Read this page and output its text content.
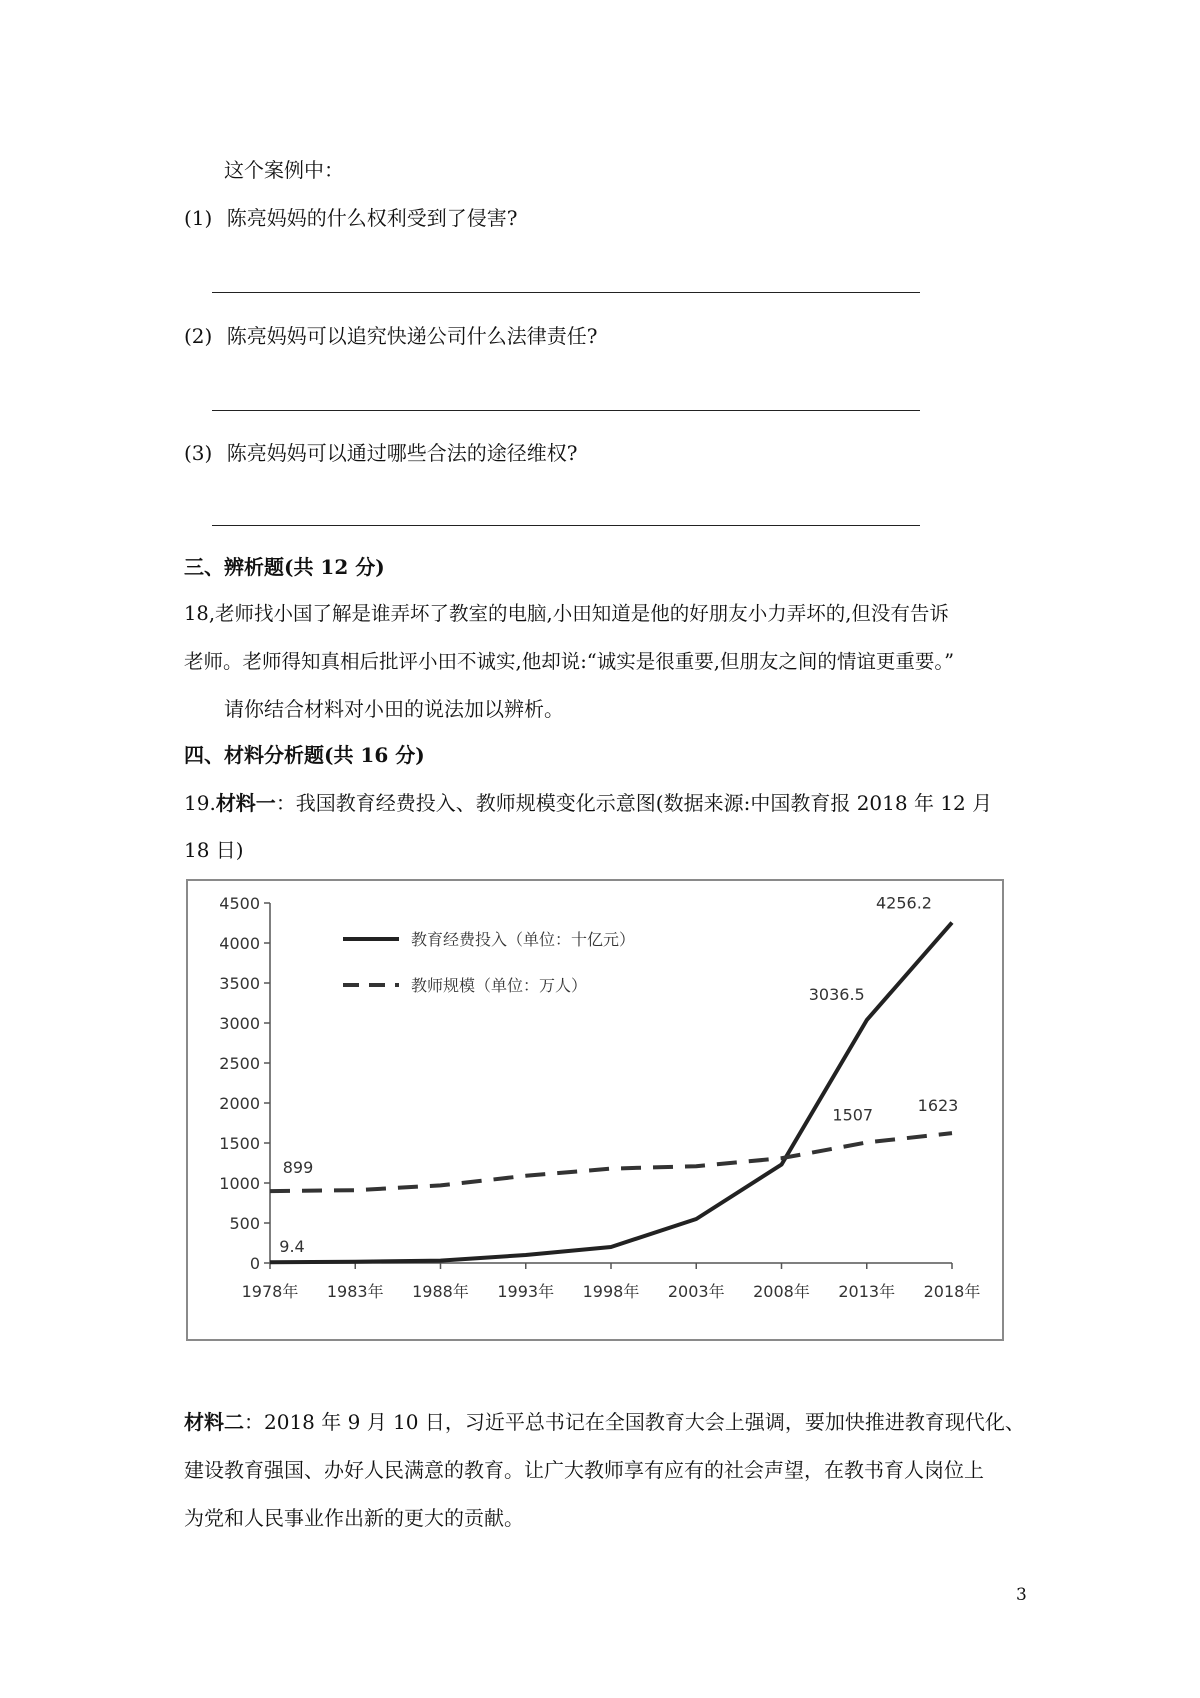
这个案例中：
(1) 陈亮妈妈的什么权利受到了侵害?
(2) 陈亮妈妈可以追究快递公司什么法律责任?
(3) 陈亮妈妈可以通过哪些合法的途径维权?
三、辨析题(共 12 分)
18,老师找小国了解是谁弄坏了教室的电脑,小田知道是他的好朋友小力弄坏的,但没有告诉
老师。老师得知真相后批评小田不诚实,他却说:“诚实是很重要,但朋友之间的情谊更重要。”
请你结合材料对小田的说法加以辨析。
四、材料分析题(共 16 分)
19.材料一：我国教育经费投入、教师规模变化示意图(数据来源:中国教育报 2018 年 12 月
18 日)
0
500
1000
1500
2000
2500
3000
3500
4000
4500
1978年 1983年 1988年 1993年 1998年 2003年 2008年 2013年 2018年
9.4
3036.5
4256.2
899
1507	1623
教育经费投入（单位：十亿元）
教师规模（单位：万人）
材料二：2018 年 9 月 10 日，习近平总书记在全国教育大会上强调，要加快推进教育现代化、
建设教育强国、办好人民满意的教育。让广大教师享有应有的社会声望，在教书育人岗位上
为党和人民事业作出新的更大的贡献。
3
